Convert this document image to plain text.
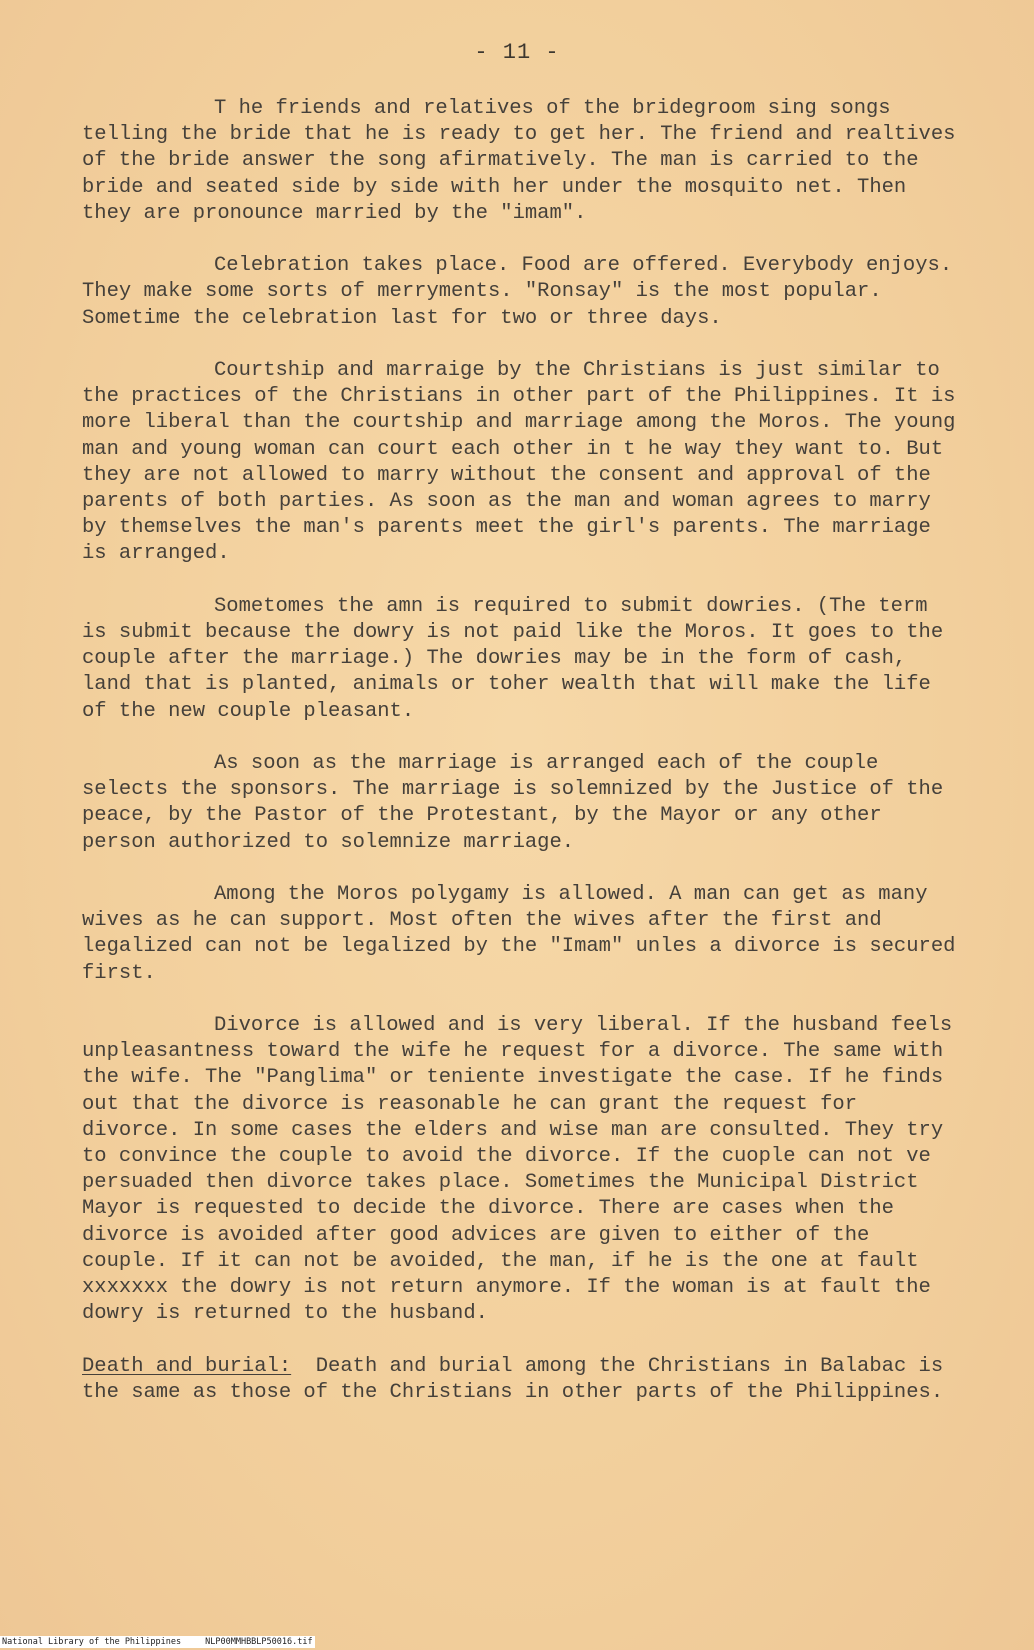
- 11 -

T he friends and relatives of the bridegroom sing songs telling the bride that he is ready to get her. The friend and realtives of the bride answer the song afirmatively. The man is carried to the bride and seated side by side with her under the mosquito net. Then they are pronounce married by the "imam".

Celebration takes place. Food are offered. Everybody enjoys. They make some sorts of merryments. "Ronsay" is the most popular. Sometime the celebration last for two or three days.

Courtship and marraige by the Christians is just similar to the practices of the Christians in other part of the Philippines. It is more liberal than the courtship and marriage among the Moros. The young man and young woman can court each other in t he way they want to. But they are not allowed to marry without the consent and approval of the parents of both parties. As soon as the man and woman agrees to marry by themselves the man's parents meet the girl's parents. The marriage is arranged.

Sometomes the amn is required to submit dowries. (The term is submit because the dowry is not paid like the Moros. It goes to the couple after the marriage.) The dowries may be in the form of cash, land that is planted, animals or toher wealth that will make the life of the new couple pleasant.

As soon as the marriage is arranged each of the couple selects the sponsors. The marriage is solemnized by the Justice of the peace, by the Pastor of the Protestant, by the Mayor or any other person authorized to solemnize marriage.

Among the Moros polygamy is allowed. A man can get as many wives as he can support. Most often the wives after the first and legalized can not be legalized by the "Imam" unles a divorce is secured first.

Divorce is allowed and is very liberal. If the husband feels unpleasantness toward the wife he request for a divorce. The same with the wife. The "Panglima" or teniente investigate the case. If he finds out that the divorce is reasonable he can grant the request for divorce. In some cases the elders and wise man are consulted. They try to convince the couple to avoid the divorce. If the cuople can not ve persuaded then divorce takes place. Sometimes the Municipal District Mayor is requested to decide the divorce. There are cases when the divorce is avoided after good advices are given to either of the couple. If it can not be avoided, the man, if he is the one at fault xxxxxxx the dowry is not return anymore. If the woman is at fault the dowry is returned to the husband.

Death and burial: Death and burial among the Christians in Balabac is the same as those of the Christians in other parts of the Philippines.

National Library of the Philippines	NLP00MMHBBLP50016.tif
